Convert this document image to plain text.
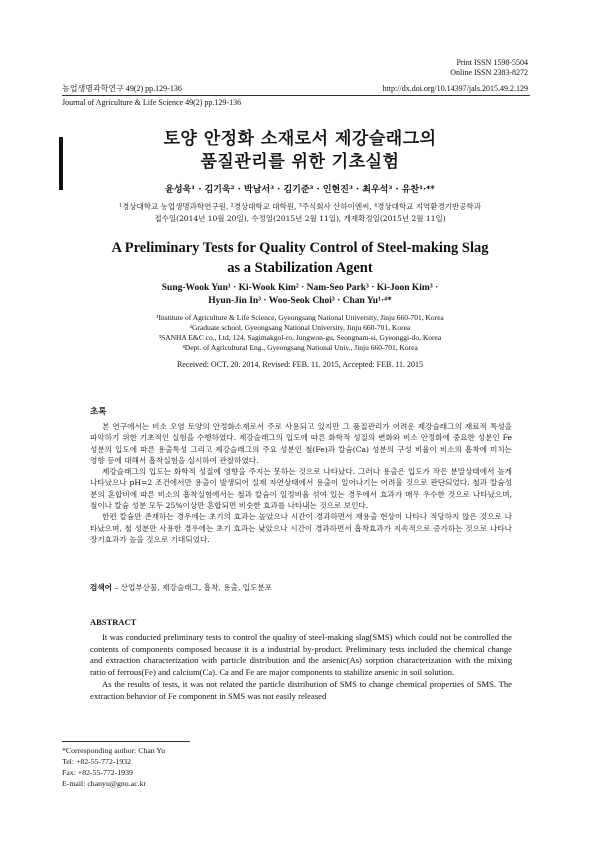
Print ISSN 1598-5504
Online ISSN 2383-8272
농업생명과학연구 49(2) pp.129-136	http://dx.doi.org/10.14397/jals.2015.49.2.129
Journal of Agriculture & Life Science 49(2) pp.129-136
토양 안정화 소재로서 제강슬래그의
품질관리를 위한 기초실험
윤성욱¹ · 김기욱² · 박남서³ · 김기준³ · 인현진³ · 최우석³ · 유찬¹·⁴*
¹경상대학교 농업생명과학연구원, ²경상대학교 대학원, ³주식회사 산하이엔씨, ⁴경상대학교 지역환경기반공학과
접수일(2014년 10월 20일), 수정일(2015년 2월 11일), 게재확정일(2015년 2월 11일)
A Preliminary Tests for Quality Control of Steel-making Slag
as a Stabilization Agent
Sung-Wook Yun¹ · Ki-Wook Kim² · Nam-Seo Park³ · Ki-Joon Kim³ ·
Hyun-Jin In³ · Woo-Seok Choi³ · Chan Yu¹·⁴*
¹Institute of Agriculture & Life Science, Gyeongsang National University, Jinju 660-701, Korea
²Graduate school, Gyeongsang National University, Jinju 660-701, Korea
³SANHA E&C co., Ltd, 124, Sagimakgol-ro, Jungwon-gu, Seongnam-si, Gyeonggi-do, Korea
⁴Dept. of Agricultural Eng., Gyeongsang National Univ., Jinju 660-701, Korea
Received: OCT. 20. 2014, Revised: FEB. 11. 2015, Accepted: FEB. 11. 2015
초록

본 연구에서는 비소 오염 토양의 안정화소재로서 주로 사용되고 있지만 그 품질관리가 어려운 제강슬래그의 재료적 특성을 파악하기 위한 기초적인 실험을 수행하였다. 제강슬래그의 입도에 따른 화학적 성질의 변화와 비소 안정화에 중요한 성분인 Fe 성분의 입도에 따른 용출특성 그리고 제강슬래그의 주요 성분인 철(Fe)과 칼슘(Ca) 성분의 구성 비율이 비소의 흡착에 미치는 영향 등에 대해서 흡착실험을 실시하여 관찰하였다.

제강슬래그의 입도는 화학적 성질에 영향을 주지는 못하는 것으로 나타났다. 그러나 용출은 입도가 작은 분말상태에서 높게 나타났으나 pH=2 조건에서만 용출이 발생되어 실제 자연상태에서 용출이 일어나기는 어려울 것으로 판단되었다. 철과 칼슘성분의 혼합비에 따른 비소의 흡착실험에서는 철과 칼슘이 일정비율 섞여 있는 경우에서 효과가 매우 우수한 것으로 나타났으며, 철이나 칼슘 성분 모두 25%이상만 혼합되면 비슷한 효과를 나타내는 것으로 보인다.

한편 칼슘만 존재하는 경우에는 초기의 효과는 높았으나 시간이 경과하면서 재용출 현상이 나타나 적당하지 않은 것으로 나타났으며, 철 성분만 사용한 경우에는 초기 효과는 낮았으나 시간이 경과하면서 흡착효과가 지속적으로 증가하는 것으로 나타나 장기효과가 높을 것으로 기대되었다.

검색어 – 산업부산물, 제강슬래그, 흡착, 용출, 입도분포
ABSTRACT

It was conducted preliminary tests to control the quality of steel-making slag(SMS) which could not be controlled the contents of components composed because it is a industrial by-product. Preliminary tests included the chemical change and extraction characterization with particle distribution and the arsenic(As) sorption characterization with the mixing ratio of ferrous(Fe) and calcium(Ca). Ca and Fe are major components to stabilize arsenic in soil solution.

As the results of tests, it was not related the particle distribution of SMS to change chemical properties of SMS. The extraction behavior of Fe component in SMS was not easily released

*Corresponding author: Chan Yu
Tel: +82-55-772-1932
Fax: +82-55-772-1939
E-mail: chanyu@gnu.ac.kr
